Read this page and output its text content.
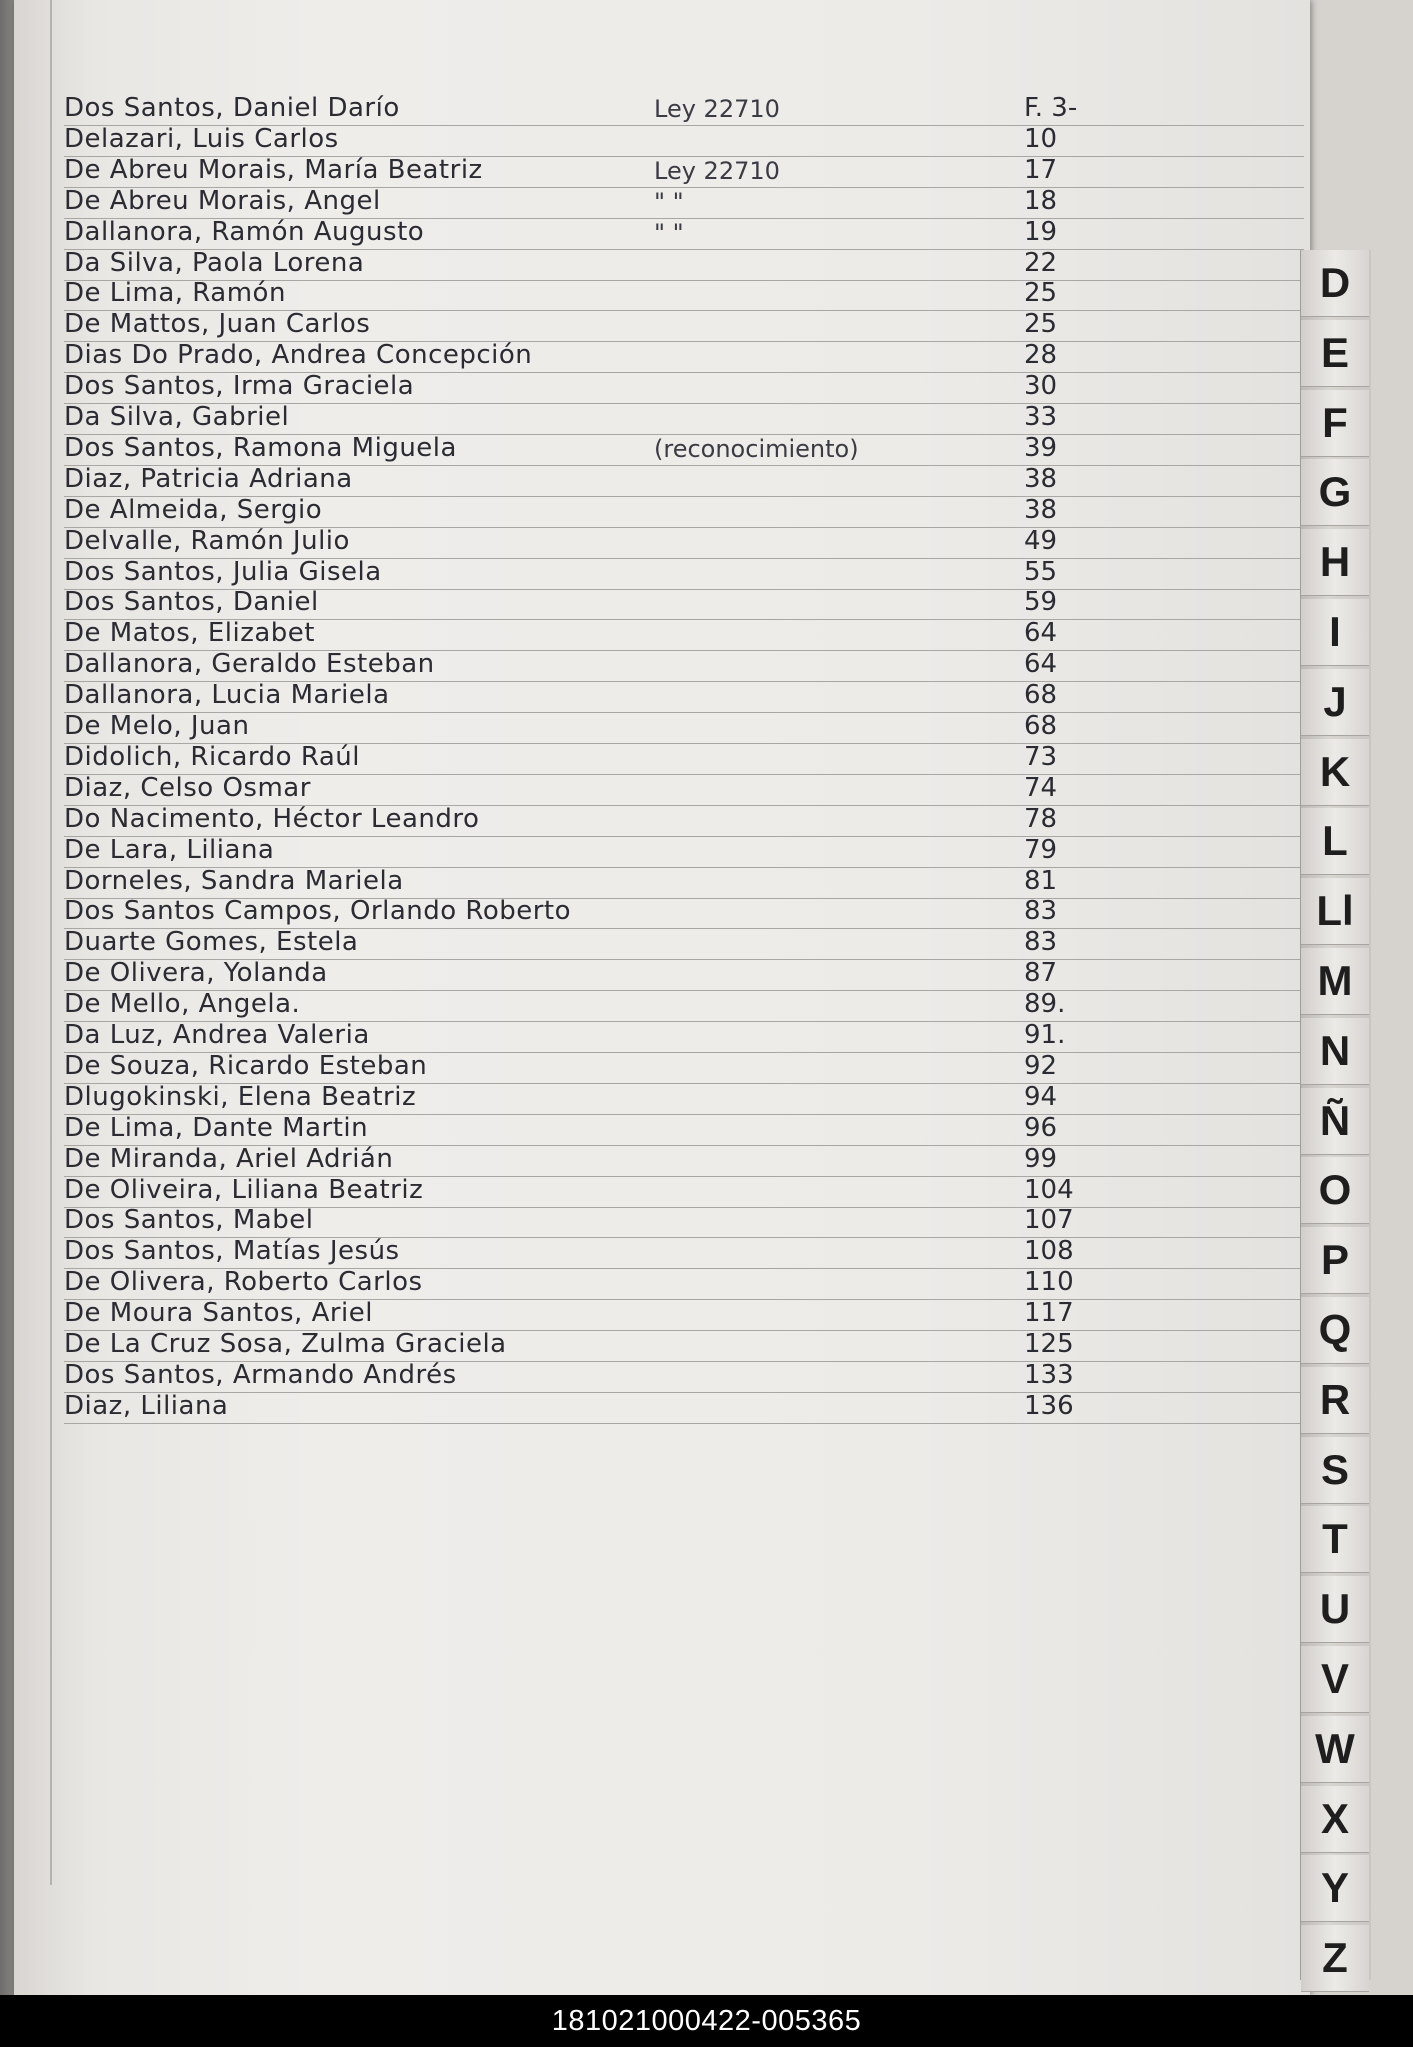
Dos Santos, Daniel Darío	Ley 22710	F. 3-
Delazari, Luis Carlos	10
De Abreu Morais, María Beatriz	Ley 22710	17
De Abreu Morais, Angel	" "	18
Dallanora, Ramón Augusto	" "	19
Da Silva, Paola Lorena	22
De Lima, Ramón	25
De Mattos, Juan Carlos	25
Dias Do Prado, Andrea Concepción	28
Dos Santos, Irma Graciela	30
Da Silva, Gabriel	33
Dos Santos, Ramona Miguela	(reconocimiento)	39
Diaz, Patricia Adriana	38
De Almeida, Sergio	38
Delvalle, Ramón Julio	49
Dos Santos, Julia Gisela	55
Dos Santos, Daniel	59
De Matos, Elizabet	64
Dallanora, Geraldo Esteban	64
Dallanora, Lucia Mariela	68
De Melo, Juan	68
Didolich, Ricardo Raúl	73
Diaz, Celso Osmar	74
Do Nacimento, Héctor Leandro	78
De Lara, Liliana	79
Dorneles, Sandra Mariela	81
Dos Santos Campos, Orlando Roberto	83
Duarte Gomes, Estela	83
De Olivera, Yolanda	87
De Mello, Angela.	89.
Da Luz, Andrea Valeria	91.
De Souza, Ricardo Esteban	92
Dlugokinski, Elena Beatriz	94
De Lima, Dante Martin	96
De Miranda, Ariel Adrián	99
De Oliveira, Liliana Beatriz	104
Dos Santos, Mabel	107
Dos Santos, Matías Jesús	108
De Olivera, Roberto Carlos	110
De Moura Santos, Ariel	117
De La Cruz Sosa, Zulma Graciela	125
Dos Santos, Armando Andrés	133
Diaz, Liliana	136
D
E
F
G
H
I
J
K
L
Ll
M
N
Ñ
O
P
Q
R
S
T
U
V
W
X
Y
Z
181021000422-005365
